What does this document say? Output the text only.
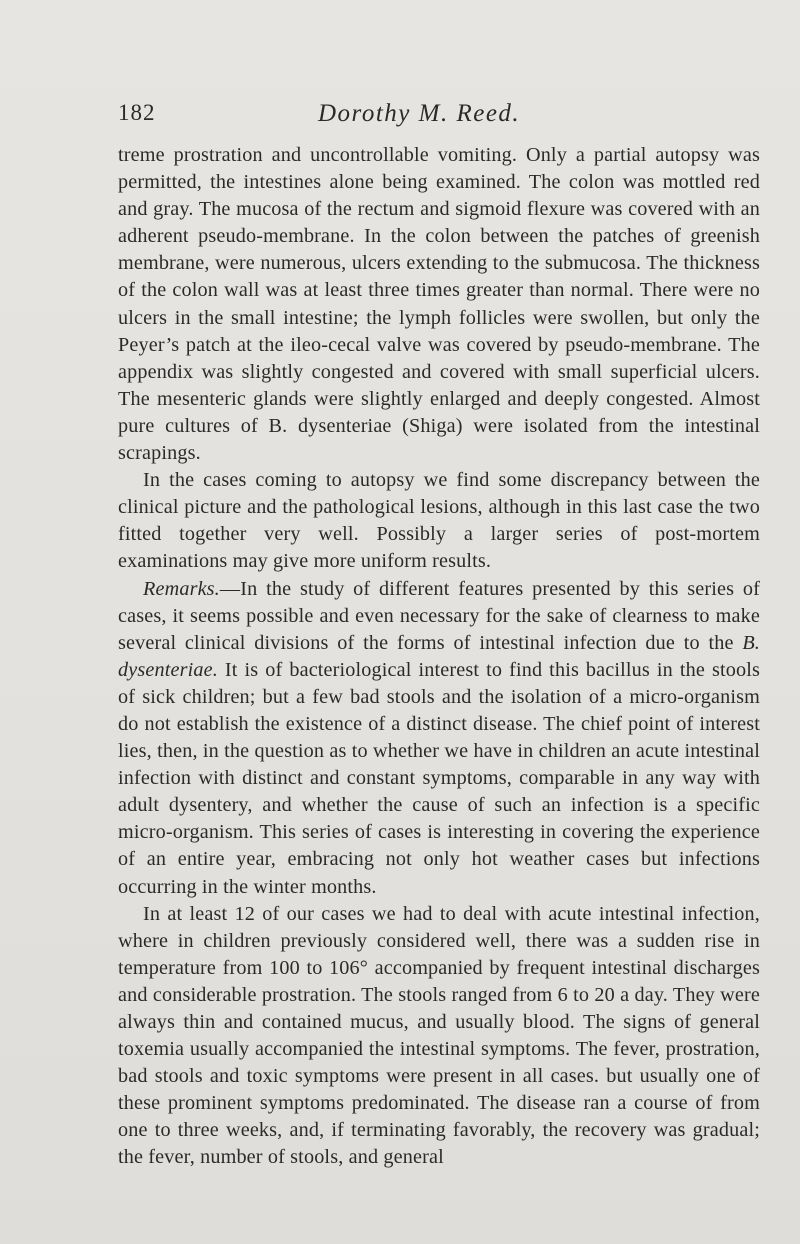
182	Dorothy M. Reed.

treme prostration and uncontrollable vomiting. Only a partial autopsy was permitted, the intestines alone being examined. The colon was mottled red and gray. The mucosa of the rectum and sigmoid flexure was covered with an adherent pseudo-membrane. In the colon between the patches of greenish membrane, were numerous, ulcers extending to the submucosa. The thickness of the colon wall was at least three times greater than normal. There were no ulcers in the small intestine; the lymph follicles were swollen, but only the Peyer’s patch at the ileo-cecal valve was covered by pseudo-membrane. The appendix was slightly congested and covered with small superficial ulcers. The mesenteric glands were slightly enlarged and deeply congested. Almost pure cultures of B. dysenteriae (Shiga) were isolated from the intestinal scrapings.

In the cases coming to autopsy we find some discrepancy between the clinical picture and the pathological lesions, although in this last case the two fitted together very well. Possibly a larger series of post-mortem examinations may give more uniform results.

Remarks.—In the study of different features presented by this series of cases, it seems possible and even necessary for the sake of clearness to make several clinical divisions of the forms of intestinal infection due to the B. dysenteriae. It is of bacteriological interest to find this bacillus in the stools of sick children; but a few bad stools and the isolation of a micro-organism do not establish the existence of a distinct disease. The chief point of interest lies, then, in the question as to whether we have in children an acute intestinal infection with distinct and constant symptoms, comparable in any way with adult dysentery, and whether the cause of such an infection is a specific micro-organism. This series of cases is interesting in covering the experience of an entire year, embracing not only hot weather cases but infections occurring in the winter months.

In at least 12 of our cases we had to deal with acute intestinal infection, where in children previously considered well, there was a sudden rise in temperature from 100 to 106° accompanied by frequent intestinal discharges and considerable prostration. The stools ranged from 6 to 20 a day. They were always thin and contained mucus, and usually blood. The signs of general toxemia usually accompanied the intestinal symptoms. The fever, prostration, bad stools and toxic symptoms were present in all cases. but usually one of these prominent symptoms predominated. The disease ran a course of from one to three weeks, and, if terminating favorably, the recovery was gradual; the fever, number of stools, and general
